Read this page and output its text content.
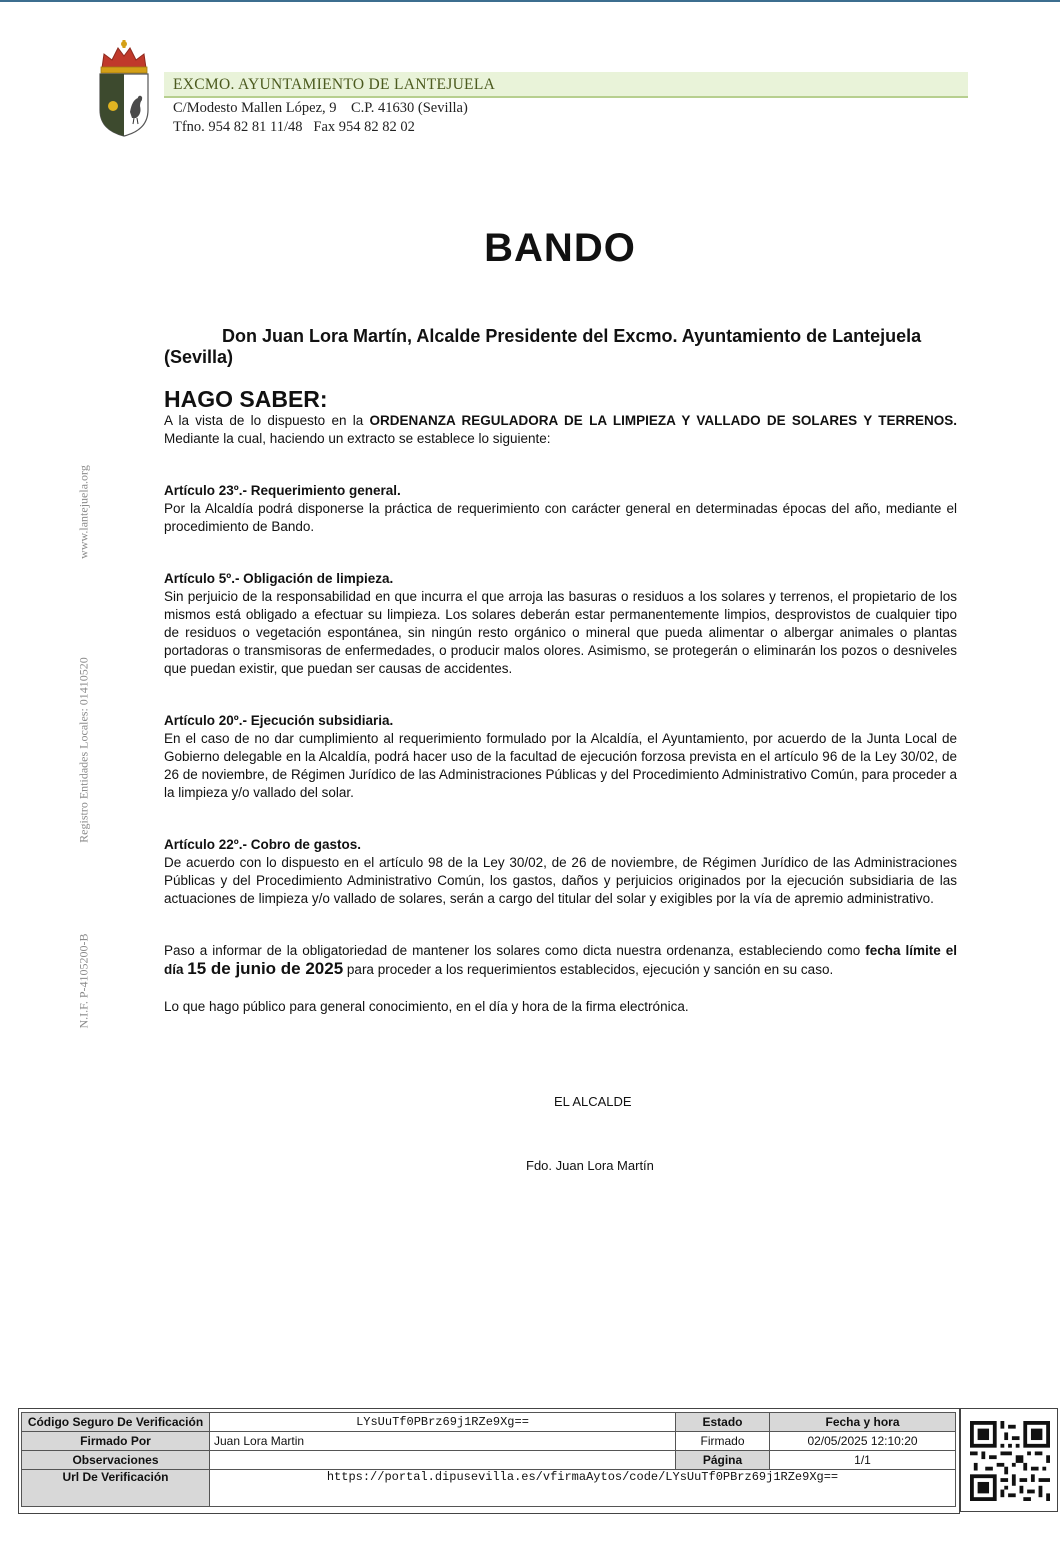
EXCMO. AYUNTAMIENTO DE LANTEJUELA
C/Modesto Mallen López, 9    C.P. 41630 (Sevilla)
Tfno. 954 82 81 11/48   Fax 954 82 82 02
www.lantejuela.org
Registro Entidades Locales: 01410520
N.I.F. P-4105200-B
BANDO

Don Juan Lora Martín, Alcalde Presidente del Excmo. Ayuntamiento de Lantejuela (Sevilla)

HAGO SABER:

A la vista de lo dispuesto en la ORDENANZA REGULADORA DE LA LIMPIEZA Y VALLADO DE SOLARES Y TERRENOS. Mediante la cual, haciendo un extracto se establece lo siguiente:

Artículo 23º.- Requerimiento general.

Por la Alcaldía podrá disponerse la práctica de requerimiento con carácter general en determinadas épocas del año, mediante el procedimiento de Bando.

Artículo 5º.- Obligación de limpieza.

Sin perjuicio de la responsabilidad en que incurra el que arroja las basuras o residuos a los solares y terrenos, el propietario de los mismos está obligado a efectuar su limpieza. Los solares deberán estar permanentemente limpios, desprovistos de cualquier tipo de residuos o vegetación espontánea, sin ningún resto orgánico o mineral que pueda alimentar o albergar animales o plantas portadoras o transmisoras de enfermedades, o producir malos olores. Asimismo, se protegerán o eliminarán los pozos o desniveles que puedan existir, que puedan ser causas de accidentes.

Artículo 20º.- Ejecución subsidiaria.

En el caso de no dar cumplimiento al requerimiento formulado por la Alcaldía, el Ayuntamiento, por acuerdo de la Junta Local de Gobierno delegable en la Alcaldía, podrá hacer uso de la facultad de ejecución forzosa prevista en el artículo 96 de la Ley 30/02, de 26 de noviembre, de Régimen Jurídico de las Administraciones Públicas y del Procedimiento Administrativo Común, para proceder a la limpieza y/o vallado del solar.

Artículo 22º.- Cobro de gastos.

De acuerdo con lo dispuesto en el artículo 98 de la Ley 30/02, de 26 de noviembre, de Régimen Jurídico de las Administraciones Públicas y del Procedimiento Administrativo Común, los gastos, daños y perjuicios originados por la ejecución subsidiaria de las actuaciones de limpieza y/o vallado de solares, serán a cargo del titular del solar y exigibles por la vía de apremio administrativo.

Paso a informar de la obligatoriedad de mantener los solares como dicta nuestra ordenanza, estableciendo como fecha límite el día 15 de junio de 2025 para proceder a los requerimientos establecidos, ejecución y sanción en su caso.

Lo que hago público para general conocimiento, en el día y hora de la firma electrónica.

EL ALCALDE
Fdo. Juan Lora Martín
Código Seguro De Verificación	LYsUuTf0PBrz69j1RZe9Xg==	Estado	Fecha y hora
Firmado Por	Juan Lora Martin	Firmado	02/05/2025 12:10:20
Observaciones		Página	1/1
Url De Verificación	https://portal.dipusevilla.es/vfirmaAytos/code/LYsUuTf0PBrz69j1RZe9Xg==		
